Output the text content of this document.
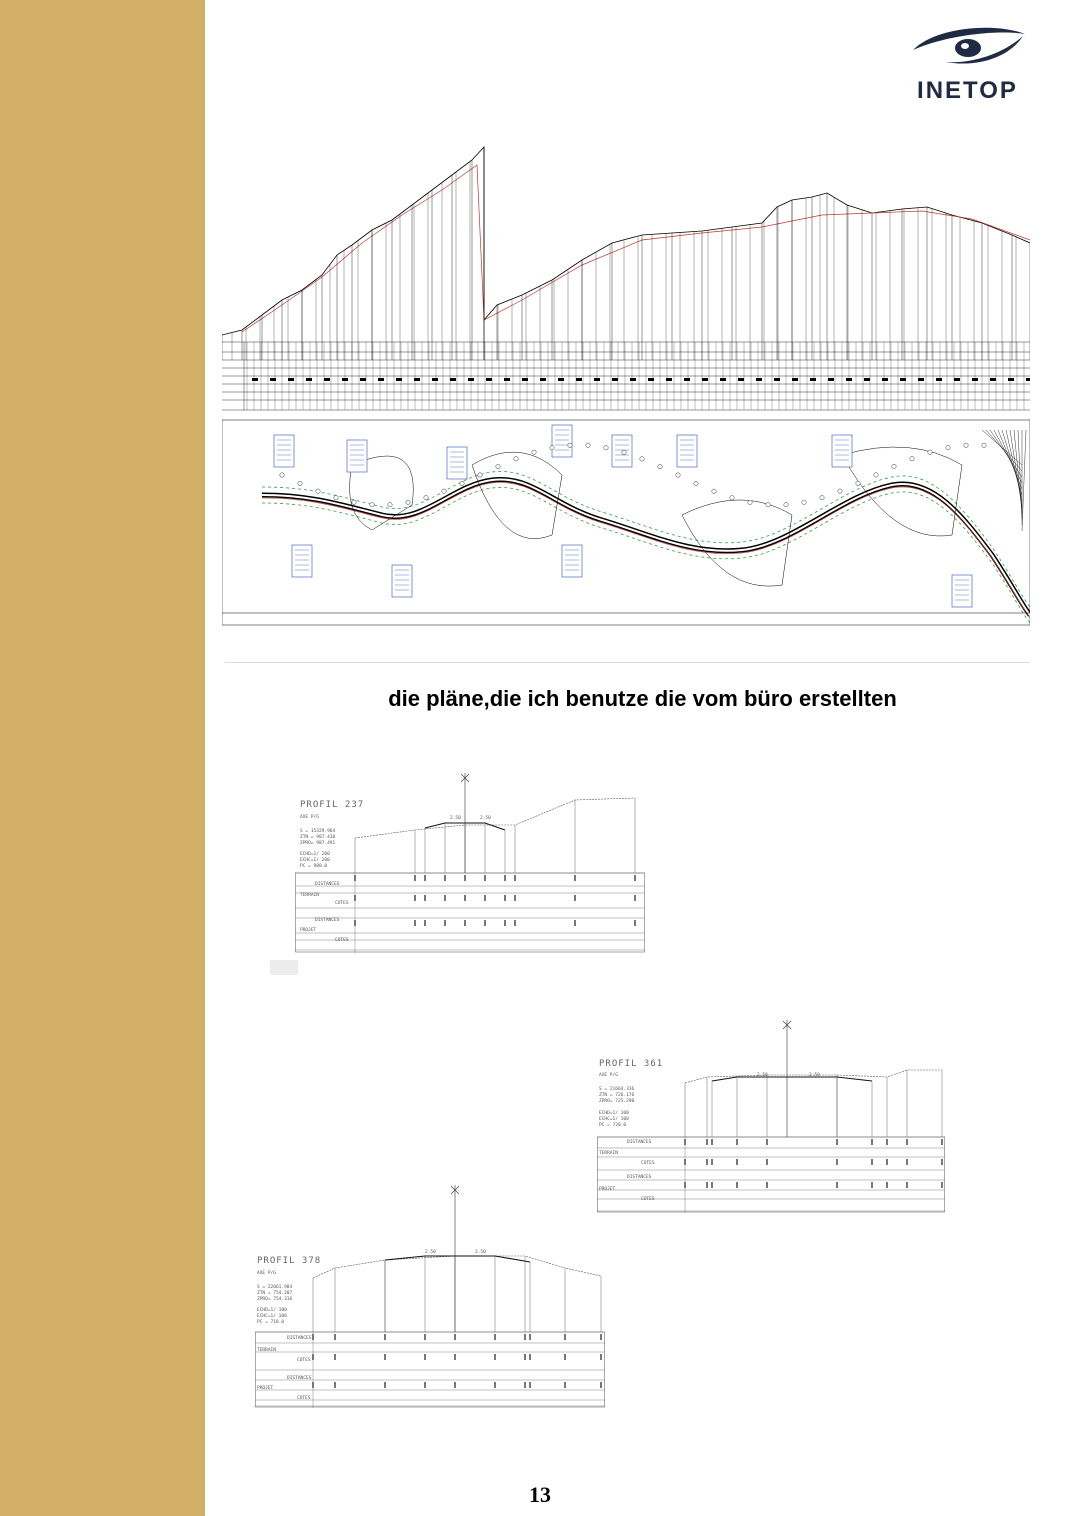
INETOP
die pläne,die ich benutze die vom büro erstellten
PROFIL 237
AXE P/G
S = 15329.964
ZTN = 987.438
ZPRO= 987.491
ECHD=1/ 200
ECHC=1/ 200
PC = 980.0
DISTANCES
TERRAIN
COTES
DISTANCES
PROJET
COTES
2.50	2.50
PROFIL 361
AXE P/G
S = 21664.316
ZTN = 726.176
ZPRO= 725.290
ECHD=1/ 100
ECHC=1/ 100
PC = 720.0
DISTANCES
TERRAIN
COTES
DISTANCES
PROJET
COTES
2.50	2.50
PROFIL 378
AXE P/G
S = 22061.984
ZTN = 754.207
ZPRO= 754.316
ECHD=1/ 100
ECHC=1/ 100
PC = 718.0
DISTANCES
TERRAIN
COTES
DISTANCES
PROJET
COTES
2.50	2.50
13
